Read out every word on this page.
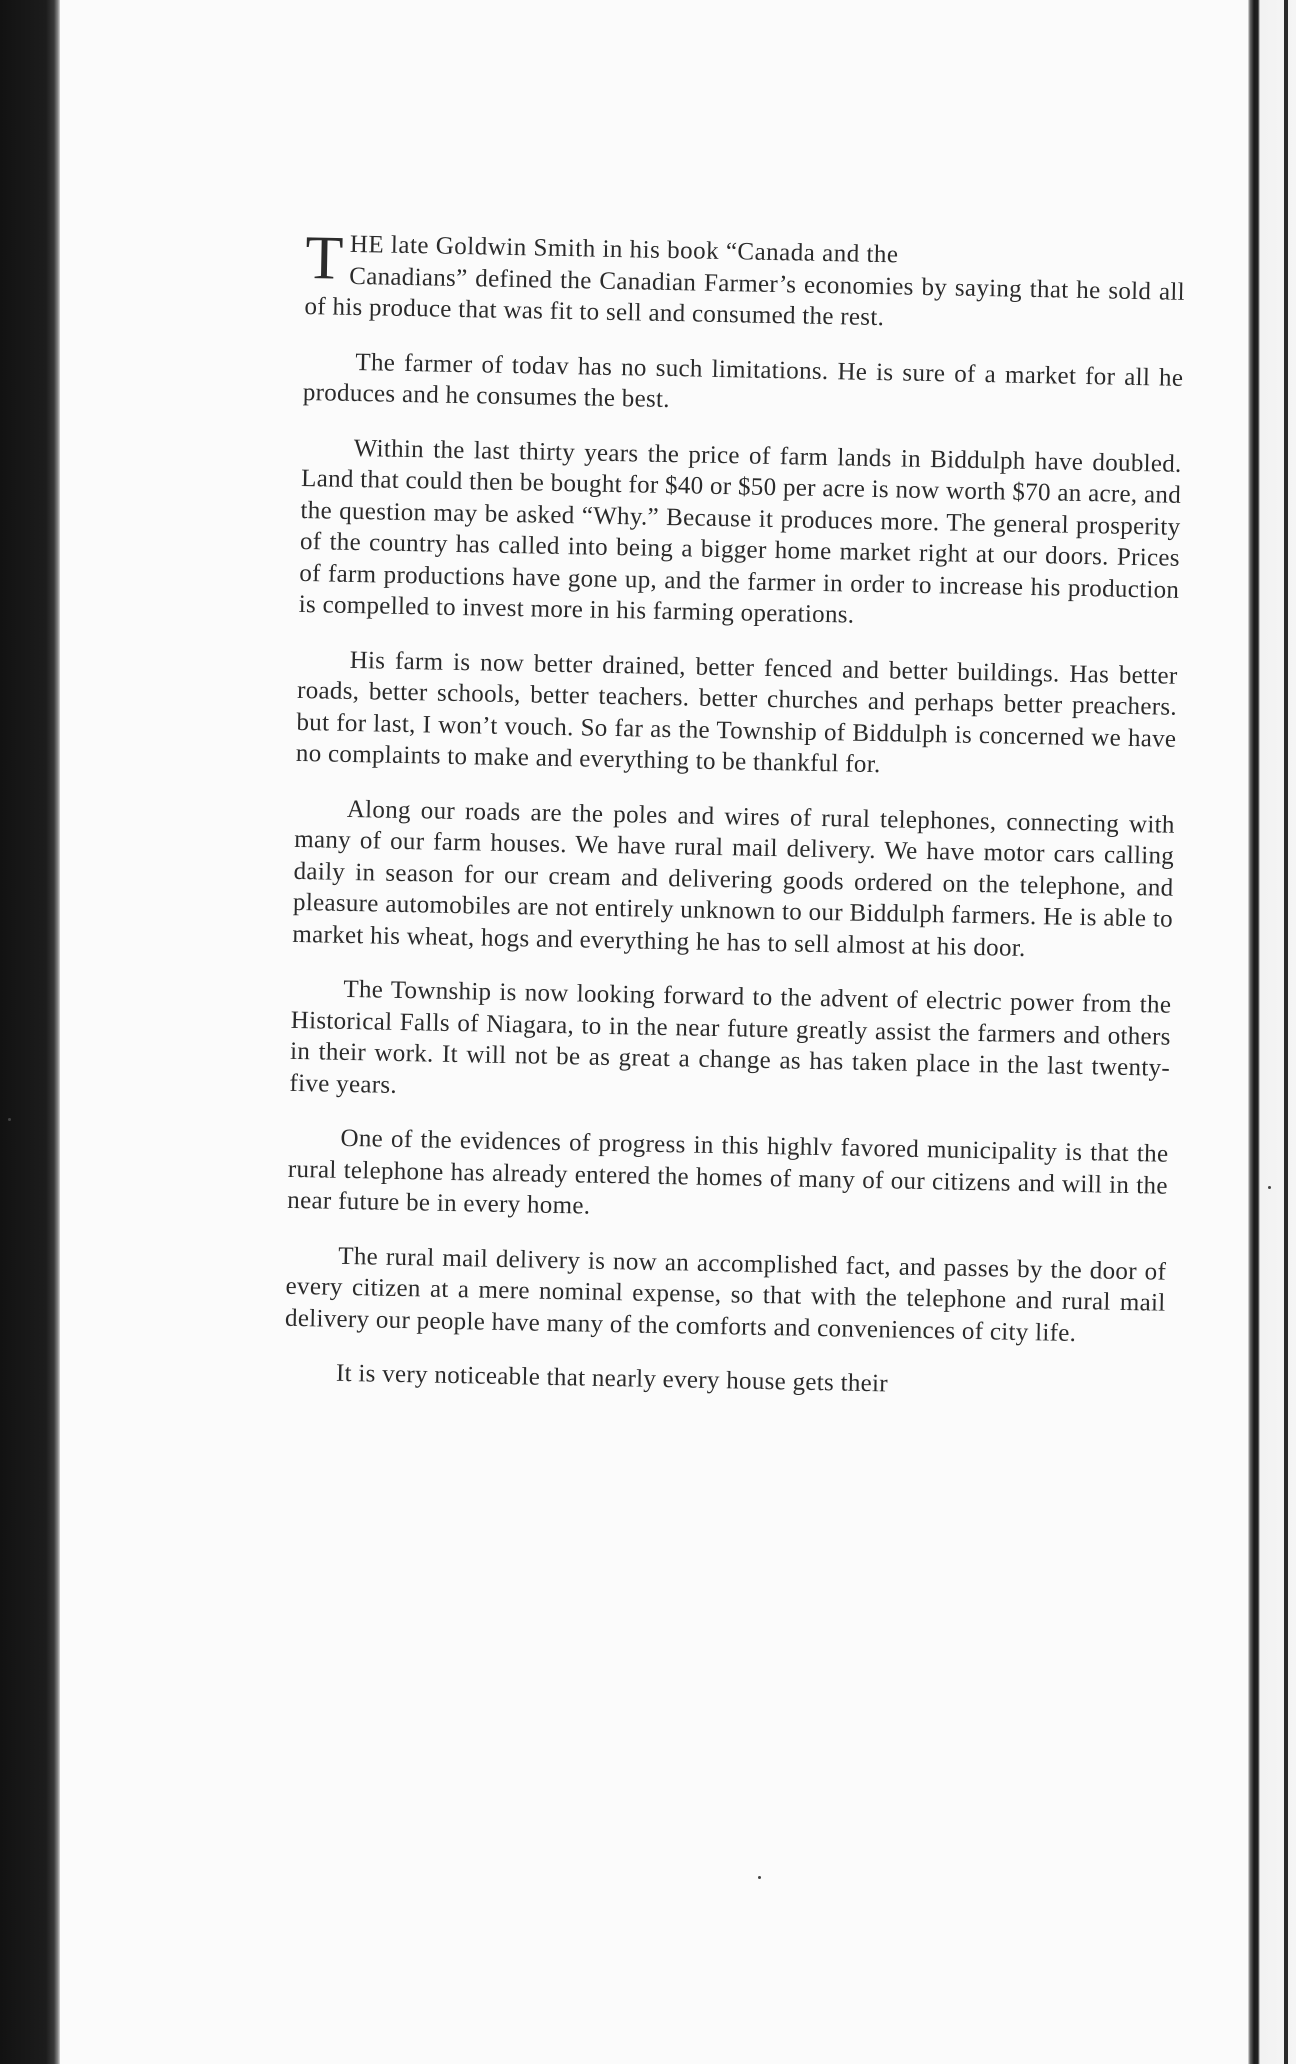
THE late Goldwin Smith in his book “Canada and the
Canadians” defined the Canadian Farmer’s economies by saying that he sold all of his produce that was fit to sell and consumed the rest.

The farmer of todav has no such limitations. He is sure of a market for all he produces and he consumes the best.

Within the last thirty years the price of farm lands in Biddulph have doubled. Land that could then be bought for $40 or $50 per acre is now worth $70 an acre, and the question may be asked “Why.” Because it produces more. The general prosperity of the country has called into being a bigger home market right at our doors. Prices of farm productions have gone up, and the farmer in order to increase his production is compelled to invest more in his farming operations.

His farm is now better drained, better fenced and better buildings. Has better roads, better schools, better teachers. better churches and perhaps better preachers. but for last, I won’t vouch. So far as the Township of Biddulph is concerned we have no complaints to make and everything to be thankful for.

Along our roads are the poles and wires of rural telephones, connecting with many of our farm houses. We have rural mail delivery. We have motor cars calling daily in season for our cream and delivering goods ordered on the telephone, and pleasure automobiles are not entirely unknown to our Biddulph farmers. He is able to market his wheat, hogs and everything he has to sell almost at his door.

The Township is now looking forward to the advent of electric power from the Historical Falls of Niagara, to in the near future greatly assist the farmers and others in their work. It will not be as great a change as has taken place in the last twenty-five years.

One of the evidences of progress in this highlv favored municipality is that the rural telephone has already entered the homes of many of our citizens and will in the near future be in every home.

The rural mail delivery is now an accomplished fact, and passes by the door of every citizen at a mere nominal expense, so that with the telephone and rural mail delivery our people have many of the comforts and conveniences of city life.

It is very noticeable that nearly every house gets their
